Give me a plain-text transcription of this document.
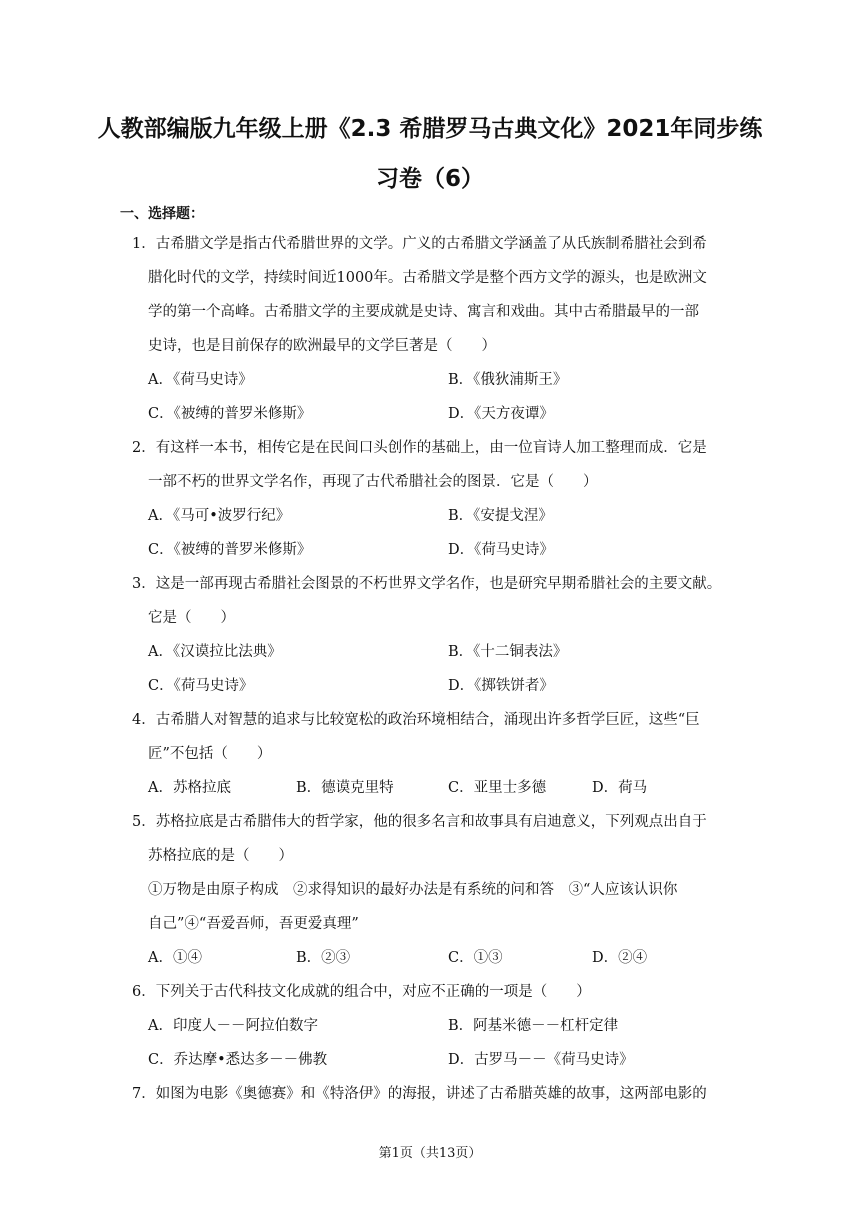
人教部编版九年级上册《2.3 希腊罗马古典文化》2021年同步练
习卷（6）
一、选择题：
1．古希腊文学是指古代希腊世界的文学。广义的古希腊文学涵盖了从氏族制希腊社会到希
腊化时代的文学，持续时间近1000年。古希腊文学是整个西方文学的源头，也是欧洲文
学的第一个高峰。古希腊文学的主要成就是史诗、寓言和戏曲。其中古希腊最早的一部
史诗，也是目前保存的欧洲最早的文学巨著是（　　）
A．《荷马史诗》	B．《俄狄浦斯王》
C．《被缚的普罗米修斯》	D．《天方夜谭》
2．有这样一本书，相传它是在民间口头创作的基础上，由一位盲诗人加工整理而成．它是
一部不朽的世界文学名作，再现了古代希腊社会的图景．它是（　　）
A．《马可•波罗行纪》	B．《安提戈涅》
C．《被缚的普罗米修斯》	D．《荷马史诗》
3．这是一部再现古希腊社会图景的不朽世界文学名作，也是研究早期希腊社会的主要文献。
它是（　　）
A．《汉谟拉比法典》	B．《十二铜表法》
C．《荷马史诗》	D．《掷铁饼者》
4．古希腊人对智慧的追求与比较宽松的政治环境相结合，涌现出许多哲学巨匠，这些“巨
匠”不包括（　　）
A．苏格拉底	B．德谟克里特	C．亚里士多德	D．荷马
5．苏格拉底是古希腊伟大的哲学家，他的很多名言和故事具有启迪意义，下列观点出自于
苏格拉底的是（　　）
①万物是由原子构成　②求得知识的最好办法是有系统的问和答　③“人应该认识你
自己”④“吾爱吾师，吾更爱真理”
A．①④	B．②③	C．①③	D．②④
6．下列关于古代科技文化成就的组合中，对应不正确的一项是（　　）
A．印度人－－阿拉伯数字	B．阿基米德－－杠杆定律
C．乔达摩•悉达多－－佛教	D．古罗马－－《荷马史诗》
7．如图为电影《奥德赛》和《特洛伊》的海报，讲述了古希腊英雄的故事，这两部电影的
第1页（共13页）
